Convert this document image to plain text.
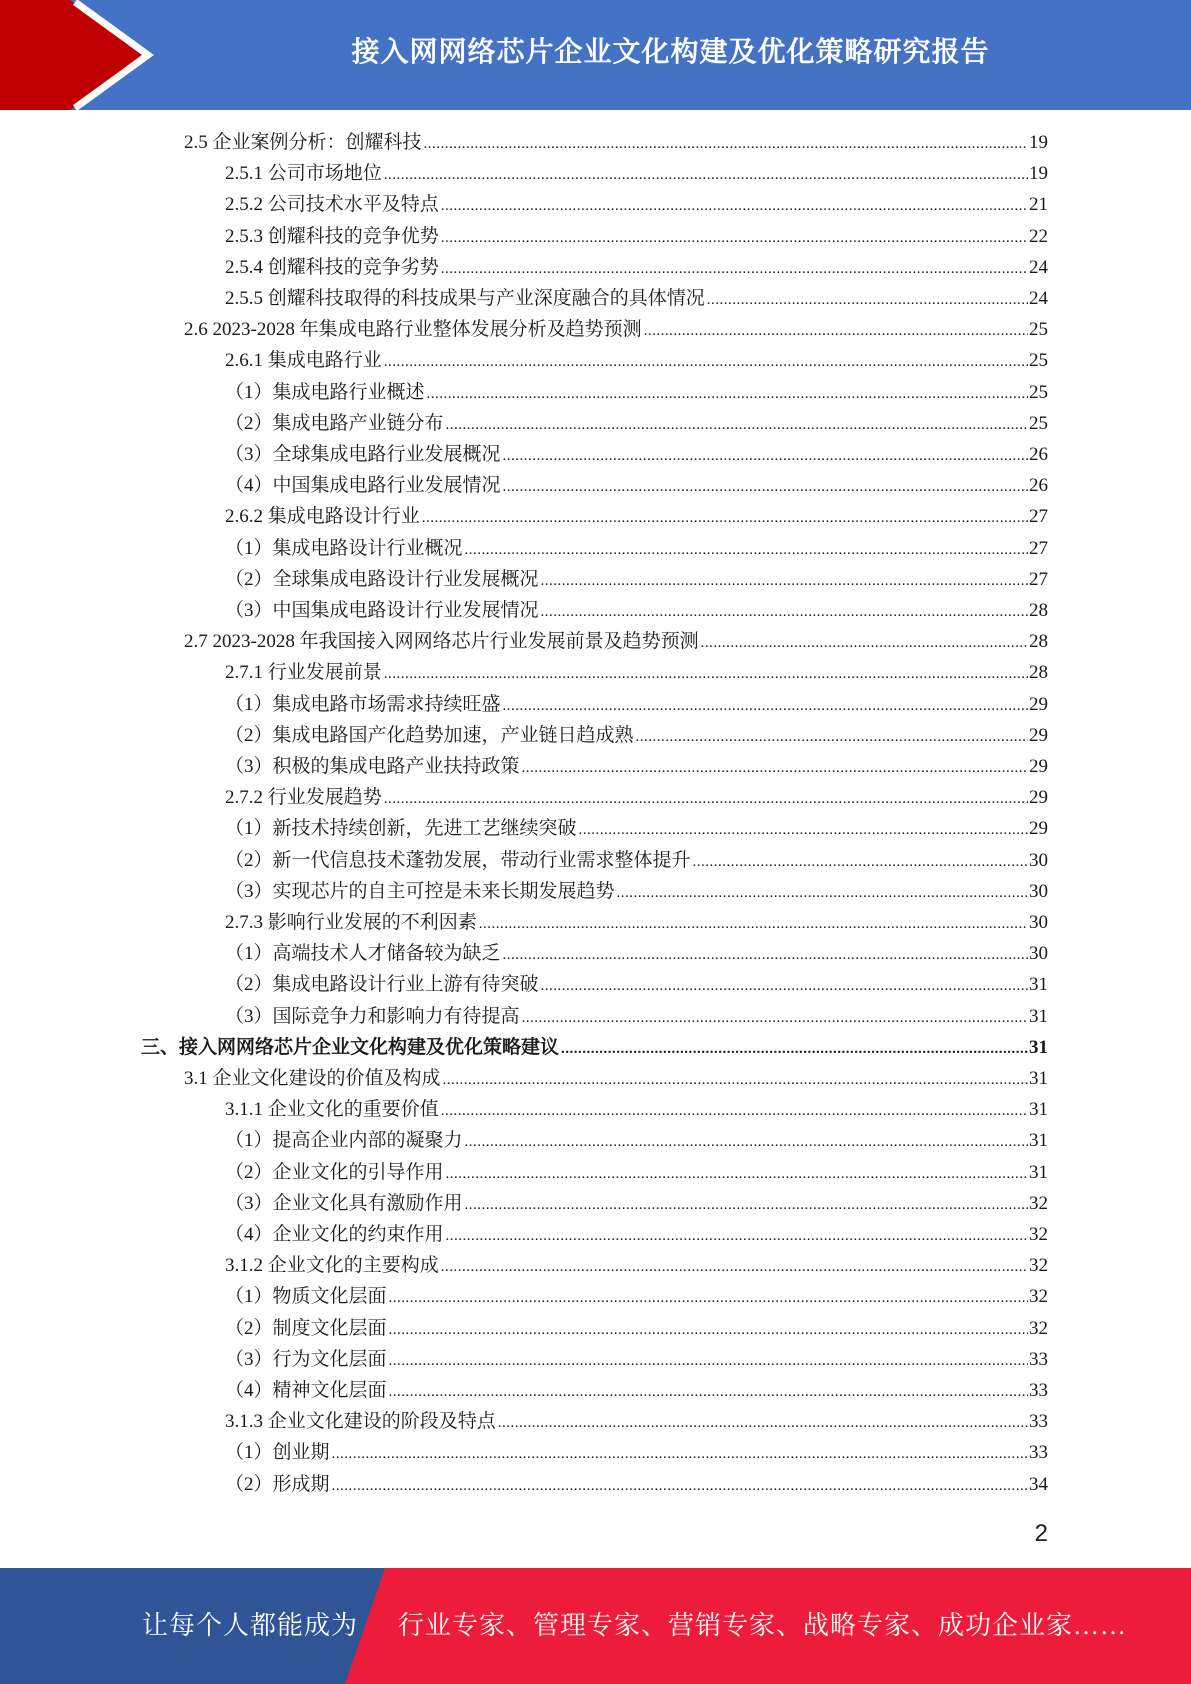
接入网网络芯片企业文化构建及优化策略研究报告
2.5 企业案例分析：创耀科技 .....	19
2.5.1 公司市场地位 .....	19
2.5.2 公司技术水平及特点 .....	21
2.5.3 创耀科技的竞争优势 .....	22
2.5.4 创耀科技的竞争劣势 .....	24
2.5.5 创耀科技取得的科技成果与产业深度融合的具体情况 .....	24
2.6 2023-2028 年集成电路行业整体发展分析及趋势预测 .....	25
2.6.1 集成电路行业 .....	25
（1）集成电路行业概述 .....	25
（2）集成电路产业链分布 .....	25
（3）全球集成电路行业发展概况 .....	26
（4）中国集成电路行业发展情况 .....	26
2.6.2 集成电路设计行业 .....	27
（1）集成电路设计行业概况 .....	27
（2）全球集成电路设计行业发展概况 .....	27
（3）中国集成电路设计行业发展情况 .....	28
2.7 2023-2028 年我国接入网网络芯片行业发展前景及趋势预测 .....	28
2.7.1 行业发展前景 .....	28
（1）集成电路市场需求持续旺盛 .....	29
（2）集成电路国产化趋势加速，产业链日趋成熟 .....	29
（3）积极的集成电路产业扶持政策 .....	29
2.7.2 行业发展趋势 .....	29
（1）新技术持续创新，先进工艺继续突破 .....	29
（2）新一代信息技术蓬勃发展，带动行业需求整体提升 .....	30
（3）实现芯片的自主可控是未来长期发展趋势 .....	30
2.7.3 影响行业发展的不利因素 .....	30
（1）高端技术人才储备较为缺乏 .....	30
（2）集成电路设计行业上游有待突破 .....	31
（3）国际竞争力和影响力有待提高 .....	31
三、接入网网络芯片企业文化构建及优化策略建议 .....	31
3.1 企业文化建设的价值及构成 .....	31
3.1.1 企业文化的重要价值 .....	31
（1）提高企业内部的凝聚力 .....	31
（2）企业文化的引导作用 .....	31
（3）企业文化具有激励作用 .....	32
（4）企业文化的约束作用 .....	32
3.1.2 企业文化的主要构成 .....	32
（1）物质文化层面 .....	32
（2）制度文化层面 .....	32
（3）行为文化层面 .....	33
（4）精神文化层面 .....	33
3.1.3 企业文化建设的阶段及特点 .....	33
（1）创业期 .....	33
（2）形成期 .....	34
2
让每个人都能成为 行业专家、管理专家、营销专家、战略专家、成功企业家……
